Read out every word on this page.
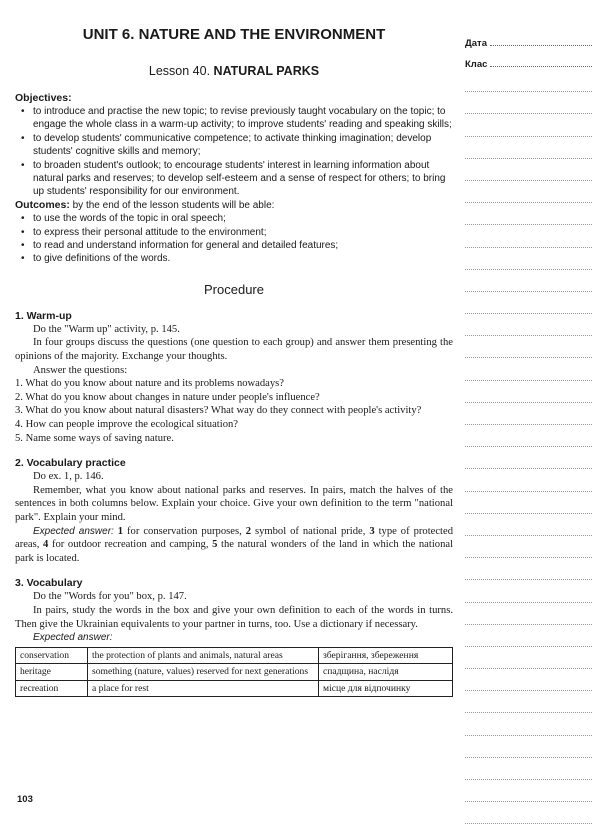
UNIT 6. NATURE AND THE ENVIRONMENT
Lesson 40. NATURAL PARKS
Objectives:
• to introduce and practise the new topic; to revise previously taught vocabulary on the topic; to engage the whole class in a warm-up activity; to improve students' reading and speaking skills;
• to develop students' communicative competence; to activate thinking imagination; develop students' cognitive skills and memory;
• to broaden student's outlook; to encourage students' interest in learning information about natural parks and reserves; to develop self-esteem and a sense of respect for others; to bring up students' responsibility for our environment.
Outcomes: by the end of the lesson students will be able:
• to use the words of the topic in oral speech;
• to express their personal attitude to the environment;
• to read and understand information for general and detailed features;
• to give definitions of the words.
Procedure
1. Warm-up

Do the "Warm up" activity, p. 145.

In four groups discuss the questions (one question to each group) and answer them presenting the opinions of the majority. Exchange your thoughts.

Answer the questions:

1. What do you know about nature and its problems nowadays?
2. What do you know about changes in nature under people's influence?
3. What do you know about natural disasters? What way do they connect with people's activity?
4. How can people improve the ecological situation?
5. Name some ways of saving nature.
2. Vocabulary practice

Do ex. 1, p. 146.

Remember, what you know about national parks and reserves. In pairs, match the halves of the sentences in both columns below. Explain your choice. Give your own definition to the term "national park". Explain your mind.

Expected answer: 1 for conservation purposes, 2 symbol of national pride, 3 type of protected areas, 4 for outdoor recreation and camping, 5 the natural wonders of the land in which the national park is located.

3. Vocabulary

Do the "Words for you" box, p. 147.

In pairs, study the words in the box and give your own definition to each of the words in turns. Then give the Ukrainian equivalents to your partner in turns, too. Use a dictionary if necessary.

Expected answer:

conservation	the protection of plants and animals, natural areas	зберігання, збереження
heritage	something (nature, values) reserved for next generations	спадщина, наслідя
recreation	a place for rest	місце для відпочинку
103
Дата
Клас
